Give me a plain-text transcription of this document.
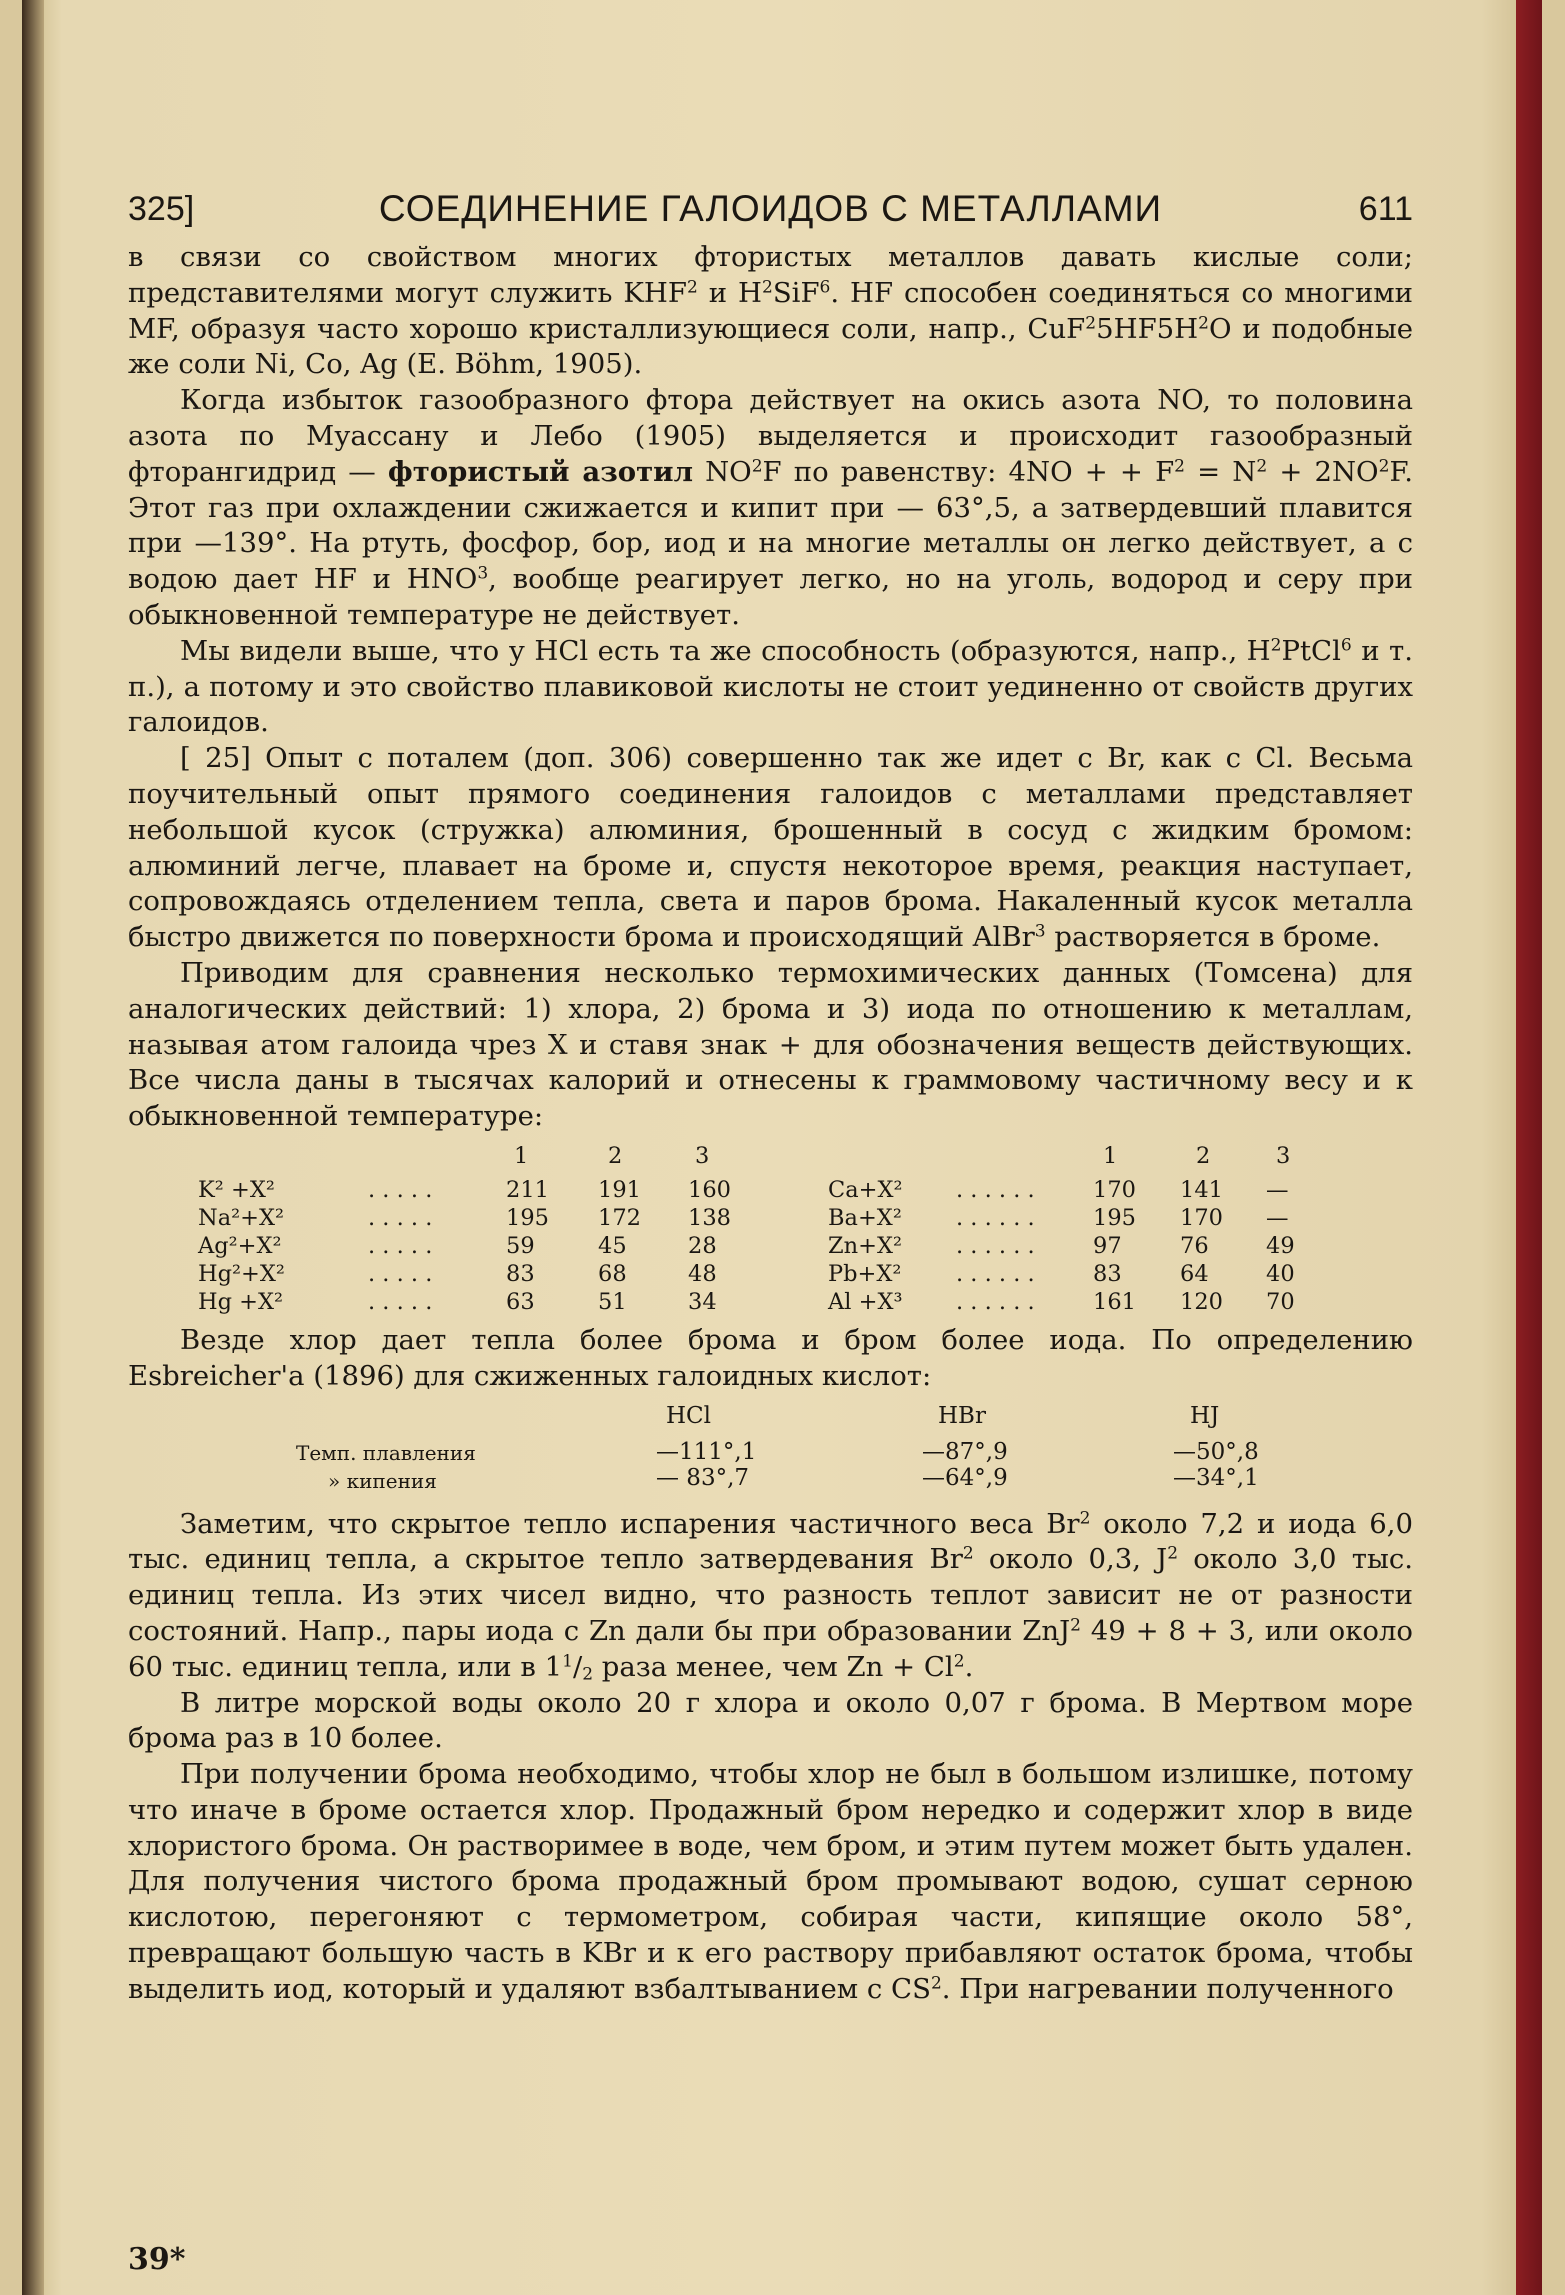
325]	СОЕДИНЕНИЕ ГАЛОИДОВ С МЕТАЛЛАМИ	611

в связи со свойством многих фтористых металлов давать кислые соли; представителями могут служить KHF$^2$ и $H^2SiF^6$. HF способен соединяться со многими MF, образуя часто хорошо кристаллизующиеся соли, напр., $CuF^25HF5H^2O$ и подобные же соли Ni, Co, Ag (E. Böhm, 1905).

Когда избыток газообразного фтора действует на окись азота NO, то половина азота по Муассану и Лебо (1905) выделяется и происходит газообразный фторангидрид — фтористый азотил $NO^2F$ по равенству: 4NO + + $F^2 = N^2 + 2NO^2F$. Этот газ при охлаждении сжижается и кипит при — 63°,5, а затвердевший плавится при —139°. На ртуть, фосфор, бор, иод и на многие металлы он легко действует, а с водою дает HF и HNO$^3$, вообще реагирует легко, но на уголь, водород и серу при обыкновенной температуре не действует.

Мы видели выше, что у HCl есть та же способность (образуются, напр., $H^2PtCl^6$ и т. п.), а потому и это свойство плавиковой кислоты не стоит уединенно от свойств других галоидов.

[ 25] Опыт с поталем (доп. 306) совершенно так же идет с Br, как с Cl. Весьма поучительный опыт прямого соединения галоидов с металлами представляет небольшой кусок (стружка) алюминия, брошенный в сосуд с жидким бромом: алюминий легче, плавает на броме и, спустя некоторое время, реакция наступает, сопровождаясь отделением тепла, света и паров брома. Накаленный кусок металла быстро движется по поверхности брома и происходящий AlBr$^3$ растворяется в броме.

Приводим для сравнения несколько термохимических данных (Томсена) для аналогических действий: 1) хлора, 2) брома и 3) иода по отношению к металлам, называя атом галоида чрез X и ставя знак + для обозначения веществ действующих. Все числа даны в тысячах калорий и отнесены к граммовому частичному весу и к обыкновенной температуре:

1	2	3	1	2	3
K² +X²	. . . . .	211 191 160	Ca+X² . . . . . .	170 141 —
Na²+X²	. . . . .	195 172 138	Ba+X² . . . . . .	195 170 —
Ag²+X²	. . . . .	59	45	28	Zn+X² . . . . . .	97	76	49
Hg²+X²	. . . . .	83	68	48	Pb+X² . . . . . .	83	64	40
Hg +X²	. . . . .	63	51	34	Al +X³ . . . . . .	161 120 70

Везде хлор дает тепла более брома и бром более иода. По определению Esbreicher'a (1896) для сжиженных галоидных кислот:

HCl	HBr	HJ
Темп. плавления	—111°,1	—87°,9	—50°,8
» кипения	— 83°,7	—64°,9	—34°,1

Заметим, что скрытое тепло испарения частичного веса Br$^2$ около 7,2 и иода 6,0 тыс. единиц тепла, а скрытое тепло затвердевания Br$^2$ около 0,3, $J^2$ около 3,0 тыс. единиц тепла. Из этих чисел видно, что разность теплот зависит не от разности состояний. Напр., пары иода с Zn дали бы при образовании ZnJ$^2$ 49 + 8 + 3, или около 60 тыс. единиц тепла, или в $1^1/_2$ раза менее, чем $Zn + Cl^2$.

В литре морской воды около 20 г хлора и около 0,07 г брома. В Мертвом море брома раз в 10 более.

При получении брома необходимо, чтобы хлор не был в большом излишке, потому что иначе в броме остается хлор. Продажный бром нередко и содержит хлор в виде хлористого брома. Он растворимее в воде, чем бром, и этим путем может быть удален. Для получения чистого брома продажный бром промывают водою, сушат серною кислотою, перегоняют с термометром, собирая части, кипящие около 58°, превращают большую часть в KBr и к его раствору прибавляют остаток брома, чтобы выделить иод, который и удаляют взбалтыванием с $CS^2$. При нагревании полученного

39*
